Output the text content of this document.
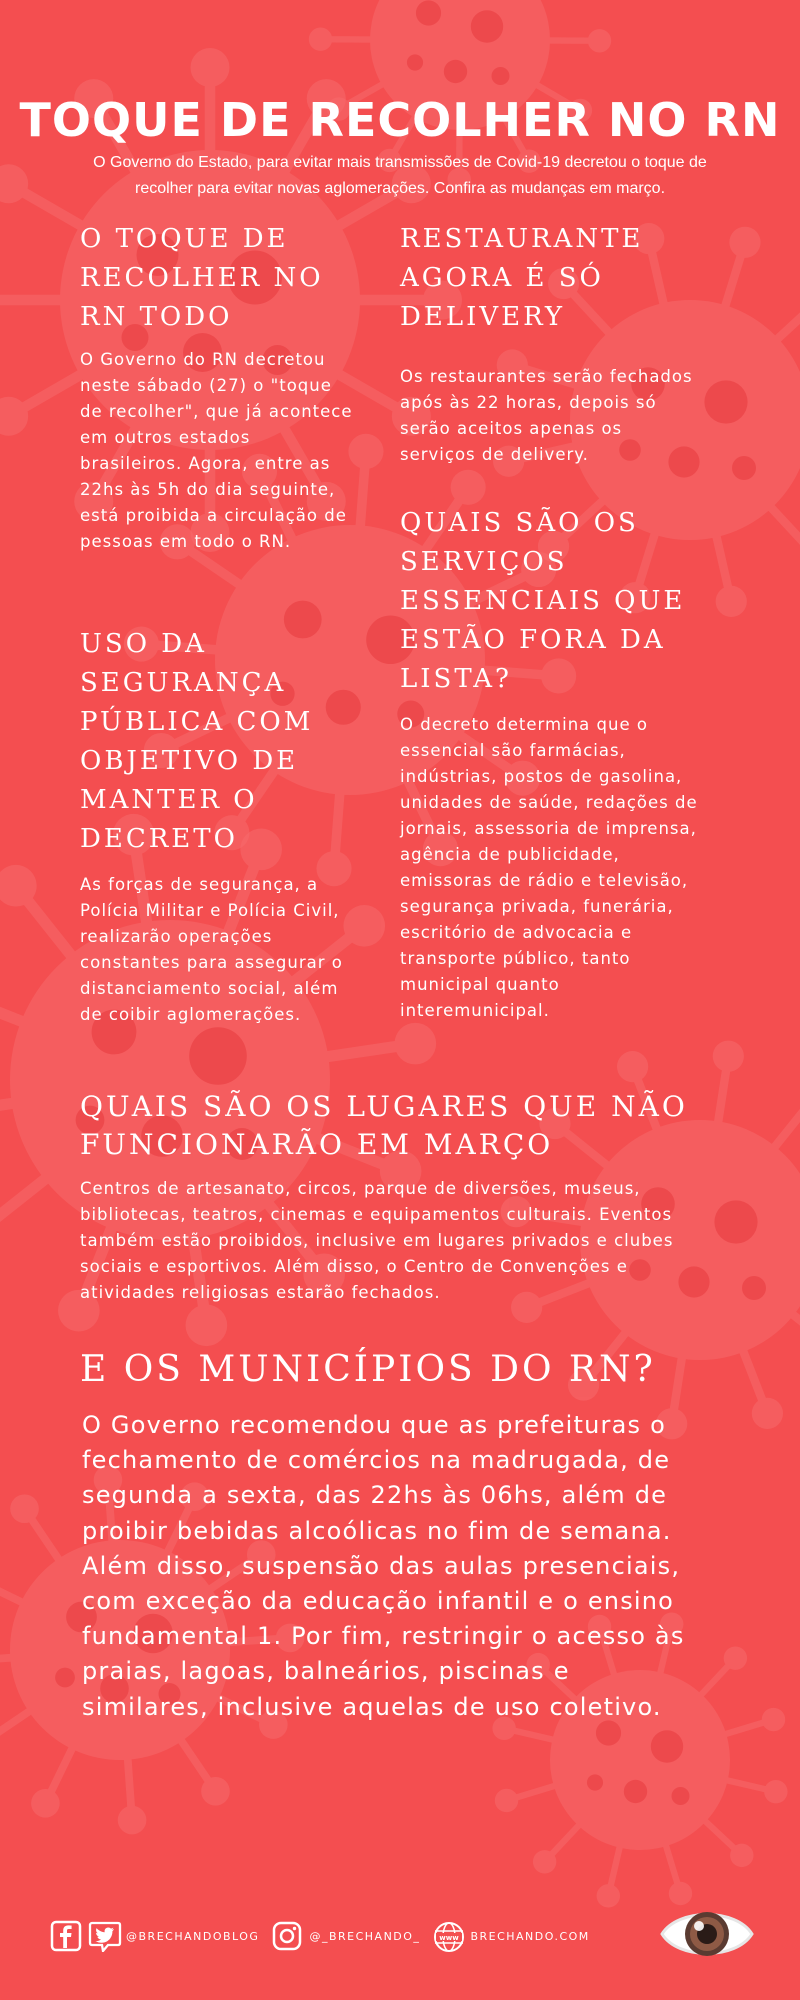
TOQUE DE RECOLHER NO RN
O Governo do Estado, para evitar mais transmissões de Covid-19 decretou o toque de recolher para evitar novas aglomerações. Confira as mudanças em março.
O TOQUE DE RECOLHER NO RN TODO

O Governo do RN decretou neste sábado (27) o "toque de recolher", que já acontece em outros estados brasileiros. Agora, entre as 22hs às 5h do dia seguinte, está proibida a circulação de pessoas em todo o RN.

USO DA SEGURANÇA PÚBLICA COM OBJETIVO DE MANTER O DECRETO

As forças de segurança, a Polícia Militar e Polícia Civil, realizarão operações constantes para assegurar o distanciamento social, além de coibir aglomerações.

RESTAURANTE AGORA É SÓ DELIVERY

Os restaurantes serão fechados após às 22 horas, depois só serão aceitos apenas os serviços de delivery.

QUAIS SÃO OS SERVIÇOS ESSENCIAIS QUE ESTÃO FORA DA LISTA?

O decreto determina que o essencial são farmácias, indústrias, postos de gasolina, unidades de saúde, redações de jornais, assessoria de imprensa, agência de publicidade, emissoras de rádio e televisão, segurança privada, funerária, escritório de advocacia e transporte público, tanto municipal quanto interemunicipal.

QUAIS SÃO OS LUGARES QUE NÃO FUNCIONARÃO EM MARÇO

Centros de artesanato, circos, parque de diversões, museus, bibliotecas, teatros, cinemas e equipamentos culturais. Eventos também estão proibidos, inclusive em lugares privados e clubes sociais e esportivos. Além disso, o Centro de Convenções e atividades religiosas estarão fechados.

E OS MUNICÍPIOS DO RN?

O Governo recomendou que as prefeituras o fechamento de comércios na madrugada, de segunda a sexta, das 22hs às 06hs, além de proibir bebidas alcoólicas no fim de semana. Além disso, suspensão das aulas presenciais, com exceção da educação infantil e o ensino fundamental 1. Por fim, restringir o acesso às praias, lagoas, balneários, piscinas e similares, inclusive aquelas de uso coletivo.

@BRECHANDOBLOG	@_BRECHANDO_	www BRECHANDO.COM
